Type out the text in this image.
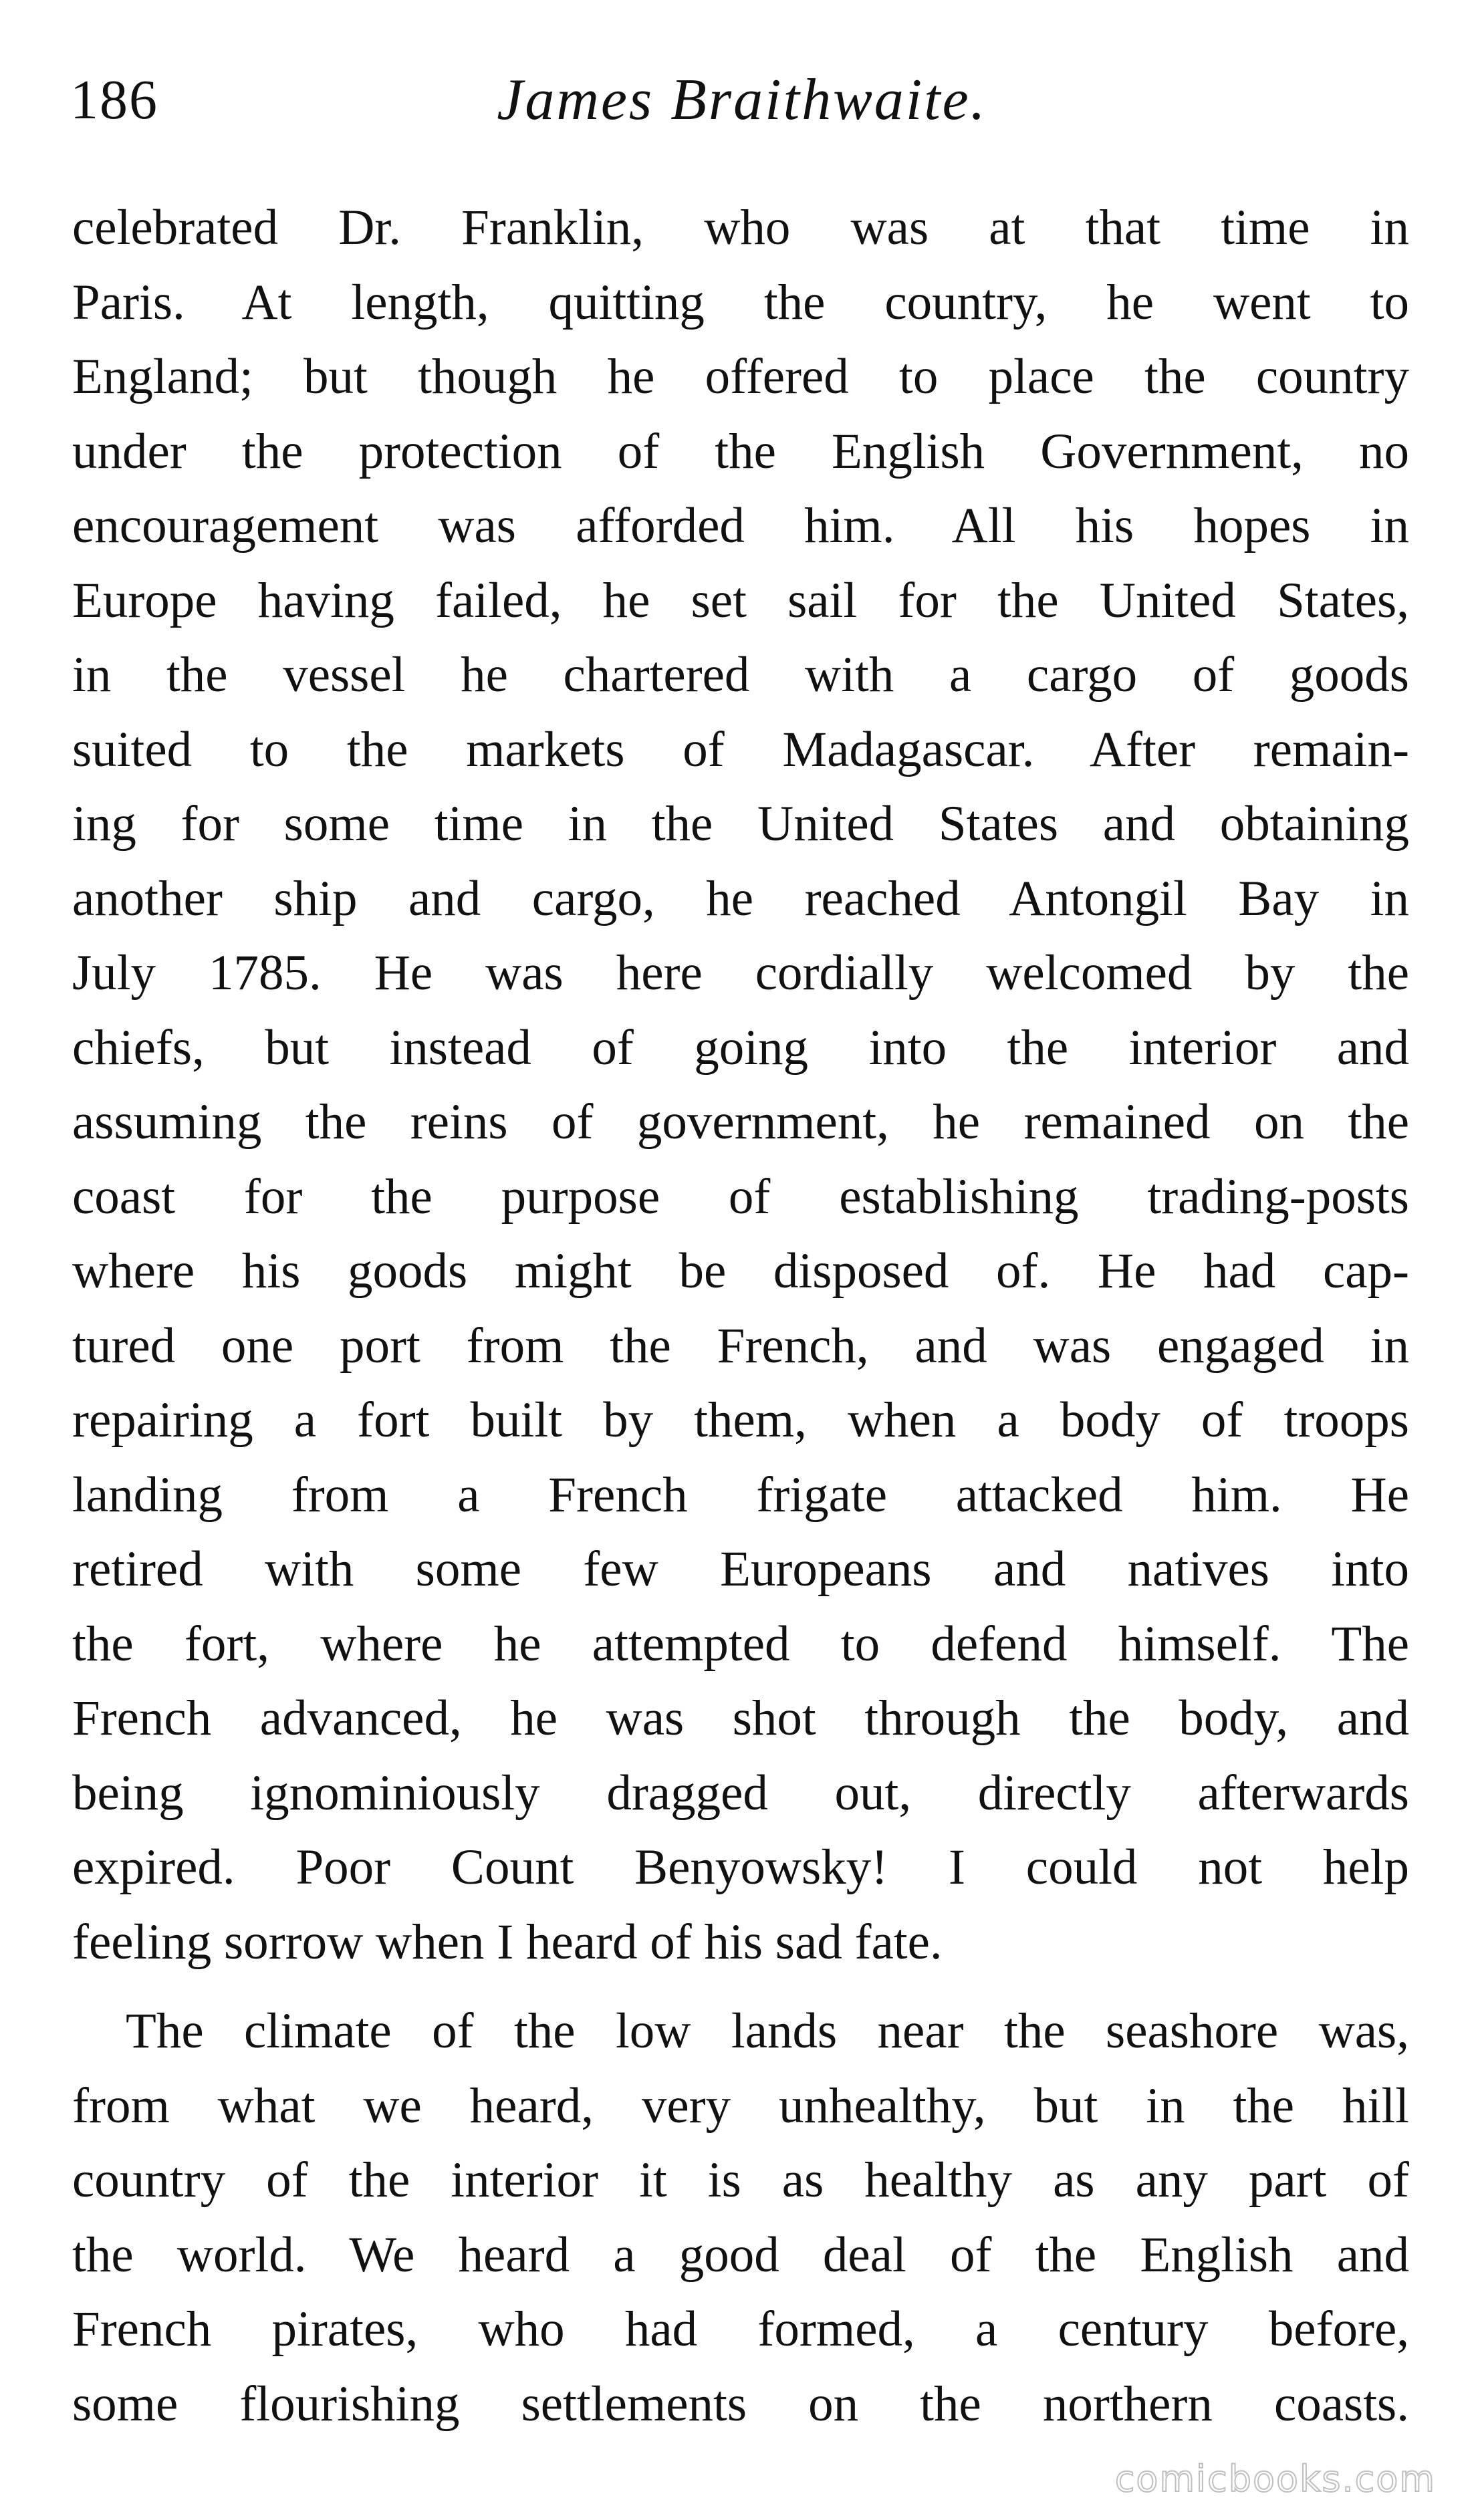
186	James Braithwaite.
celebrated Dr. Franklin, who was at that time in
Paris. At length, quitting the country, he went to
England; but though he offered to place the country
under the protection of the English Government, no
encouragement was afforded him. All his hopes in
Europe having failed, he set sail for the United States,
in the vessel he chartered with a cargo of goods
suited to the markets of Madagascar. After remain-
ing for some time in the United States and obtaining
another ship and cargo, he reached Antongil Bay in
July 1785. He was here cordially welcomed by the
chiefs, but instead of going into the interior and
assuming the reins of government, he remained on the
coast for the purpose of establishing trading-posts
where his goods might be disposed of. He had cap-
tured one port from the French, and was engaged in
repairing a fort built by them, when a body of troops
landing from a French frigate attacked him. He
retired with some few Europeans and natives into
the fort, where he attempted to defend himself. The
French advanced, he was shot through the body, and
being ignominiously dragged out, directly afterwards
expired. Poor Count Benyowsky! I could not help
feeling sorrow when I heard of his sad fate.
The climate of the low lands near the seashore was,
from what we heard, very unhealthy, but in the hill
country of the interior it is as healthy as any part of
the world. We heard a good deal of the English and
French pirates, who had formed, a century before,
some flourishing settlements on the northern coasts.
comicbooks.com
